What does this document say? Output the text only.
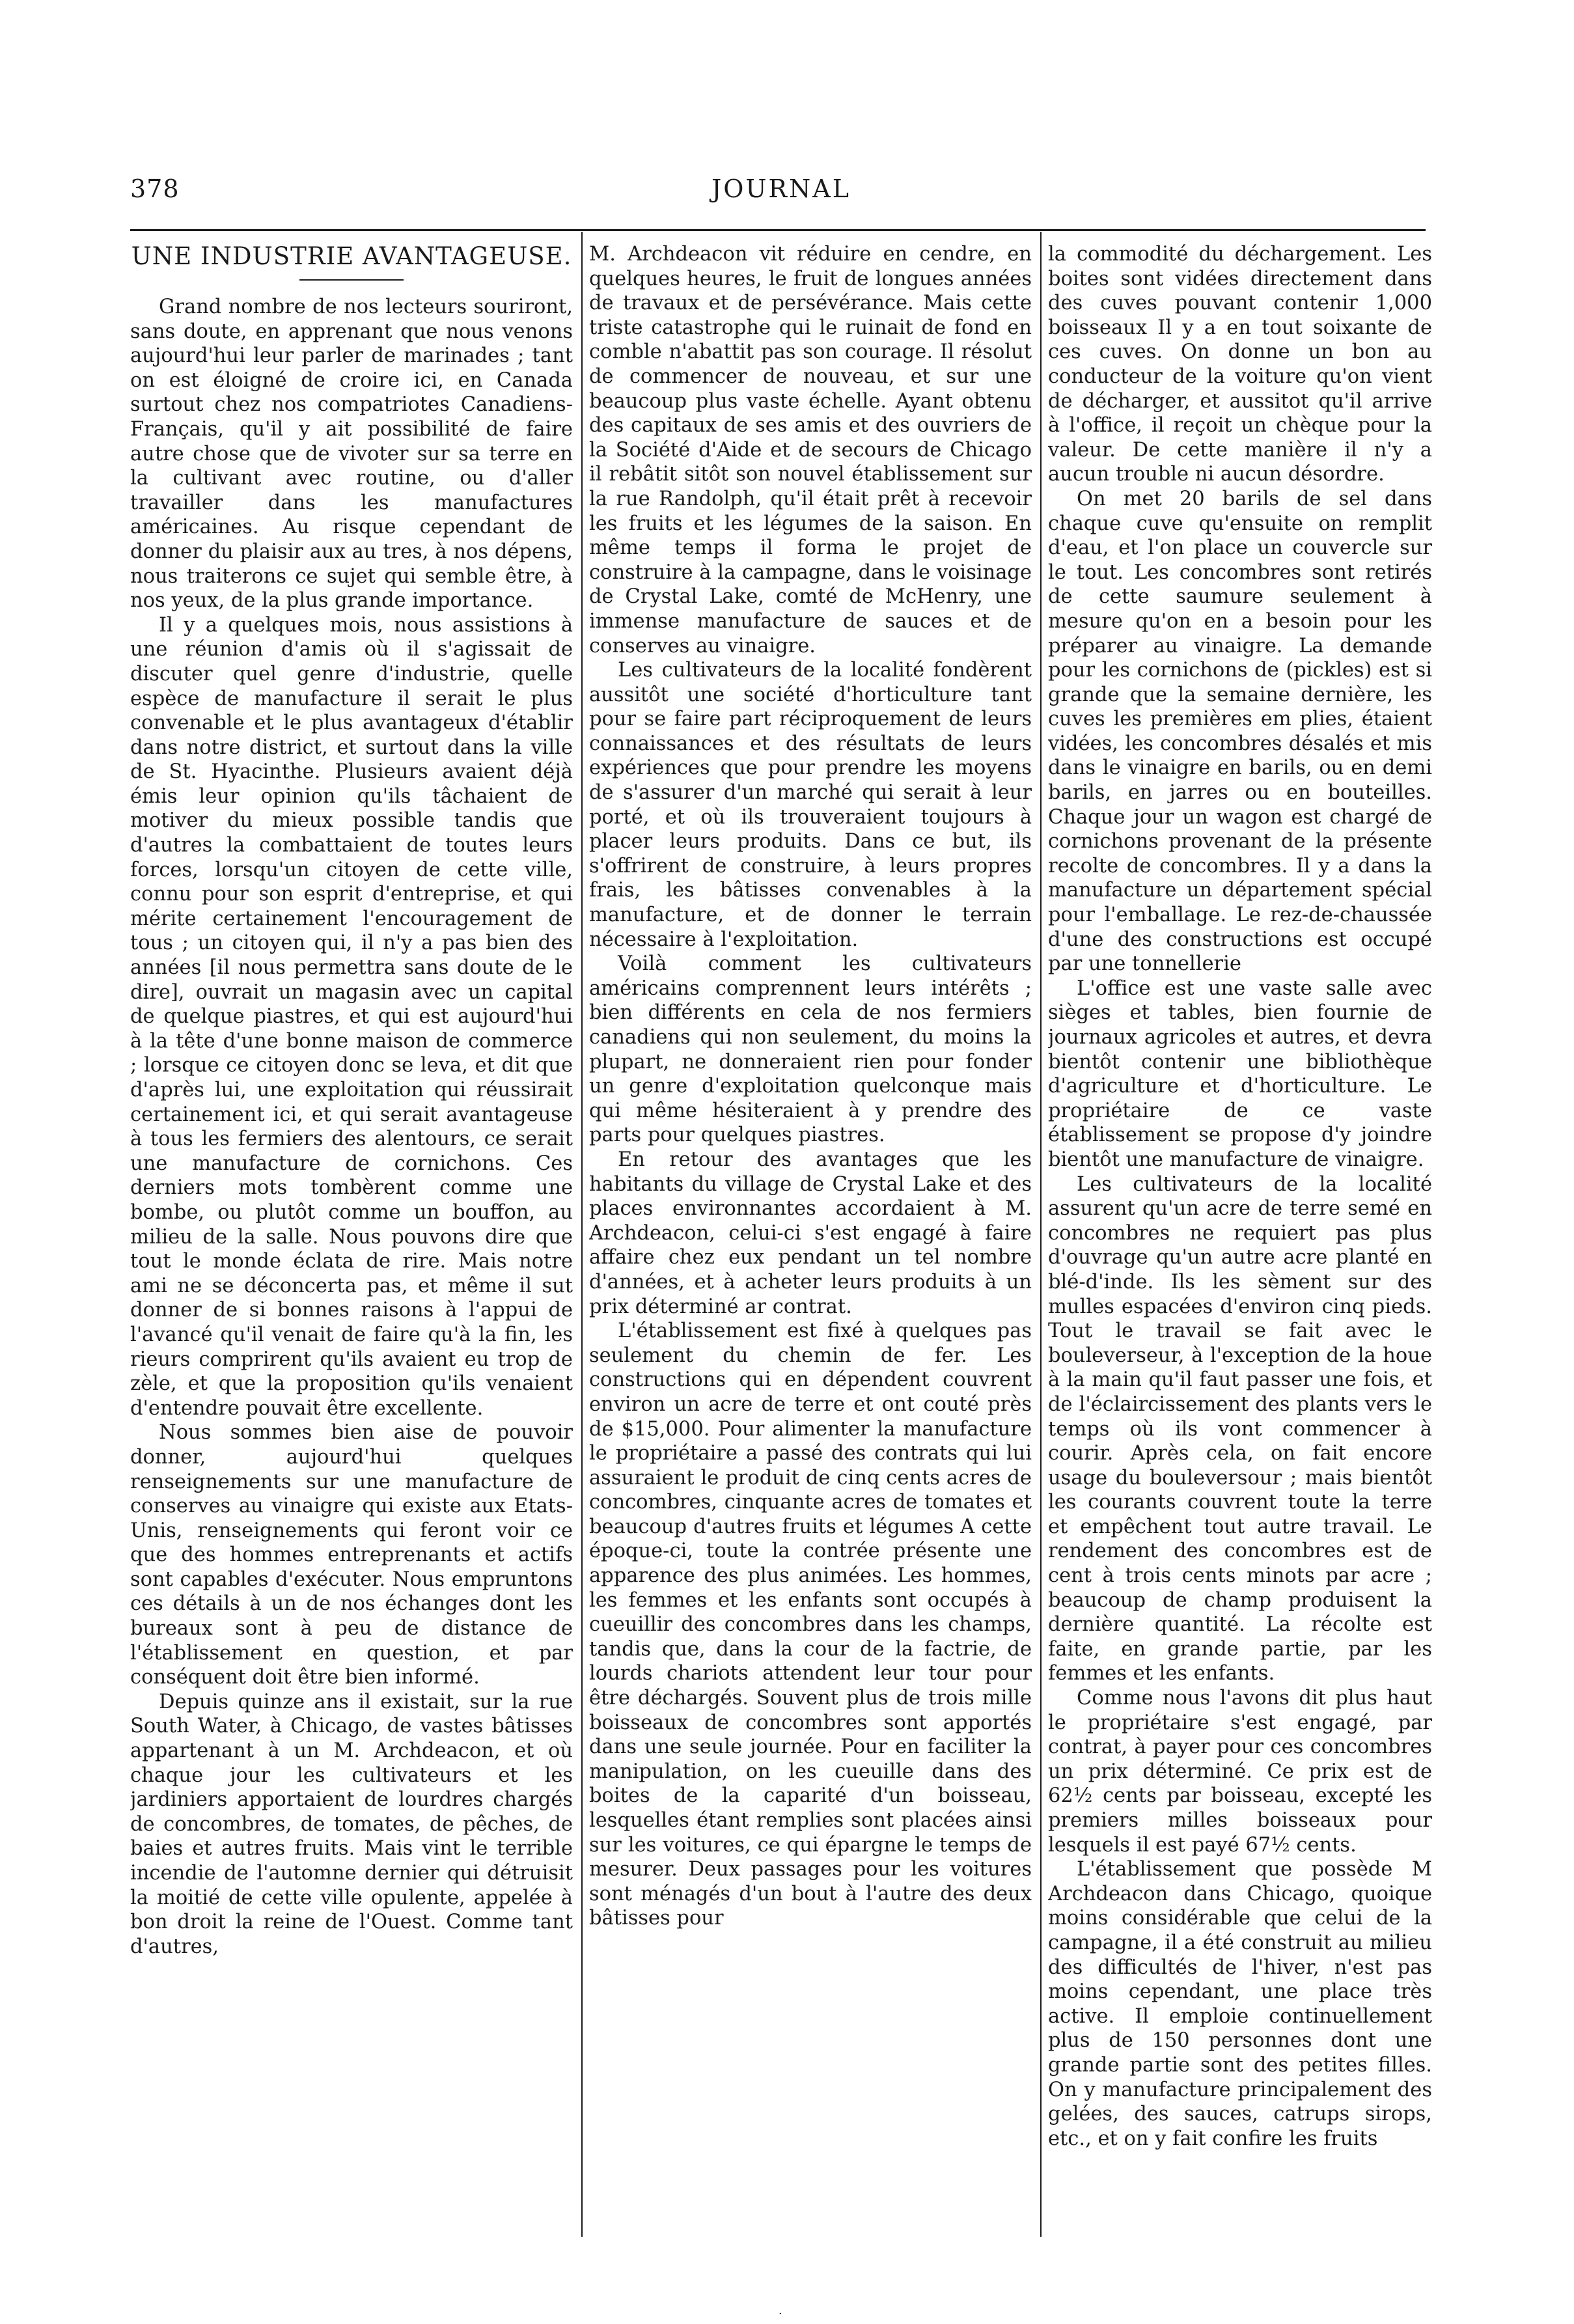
378	JOURNAL
UNE INDUSTRIE AVANTAGEUSE.

Grand nombre de nos lecteurs souriront, sans doute, en apprenant que nous venons aujourd'hui leur parler de marinades ; tant on est éloigné de croire ici, en Canada surtout chez nos compatriotes Canadiens-Français, qu'il y ait possibilité de faire autre chose que de vivoter sur sa terre en la cultivant avec routine, ou d'aller travailler dans les manufactures américaines. Au risque cependant de donner du plaisir aux au tres, à nos dépens, nous traiterons ce sujet qui semble être, à nos yeux, de la plus grande importance.

Il y a quelques mois, nous assistions à une réunion d'amis où il s'agissait de discuter quel genre d'industrie, quelle espèce de manufacture il serait le plus convenable et le plus avantageux d'établir dans notre district, et surtout dans la ville de St. Hyacinthe. Plusieurs avaient déjà émis leur opinion qu'ils tâchaient de motiver du mieux possible tandis que d'autres la combattaient de toutes leurs forces, lorsqu'un citoyen de cette ville, connu pour son esprit d'entreprise, et qui mérite certainement l'encouragement de tous ; un citoyen qui, il n'y a pas bien des années [il nous permettra sans doute de le dire], ouvrait un magasin avec un capital de quelque piastres, et qui est aujourd'hui à la tête d'une bonne maison de commerce ; lorsque ce citoyen donc se leva, et dit que d'après lui, une exploitation qui réussirait certainement ici, et qui serait avantageuse à tous les fermiers des alentours, ce serait une manufacture de cornichons. Ces derniers mots tombèrent comme une bombe, ou plutôt comme un bouffon, au milieu de la salle. Nous pouvons dire que tout le monde éclata de rire. Mais notre ami ne se déconcerta pas, et même il sut donner de si bonnes raisons à l'appui de l'avancé qu'il venait de faire qu'à la fin, les rieurs comprirent qu'ils avaient eu trop de zèle, et que la proposition qu'ils venaient d'entendre pouvait être excellente.

Nous sommes bien aise de pouvoir donner, aujourd'hui quelques renseignements sur une manufacture de conserves au vinaigre qui existe aux Etats-Unis, renseignements qui feront voir ce que des hommes entreprenants et actifs sont capables d'exécuter. Nous empruntons ces détails à un de nos échanges dont les bureaux sont à peu de distance de l'établissement en question, et par conséquent doit être bien informé.

Depuis quinze ans il existait, sur la rue South Water, à Chicago, de vastes bâtisses appartenant à un M. Archdeacon, et où chaque jour les cultivateurs et les jardiniers apportaient de lourdres chargés de concombres, de tomates, de pêches, de baies et autres fruits. Mais vint le terrible incendie de l'automne dernier qui détruisit la moitié de cette ville opulente, appelée à bon droit la reine de l'Ouest. Comme tant d'autres,

M. Archdeacon vit réduire en cendre, en quelques heures, le fruit de longues années de travaux et de persévérance. Mais cette triste catastrophe qui le ruinait de fond en comble n'abattit pas son courage. Il résolut de commencer de nouveau, et sur une beaucoup plus vaste échelle. Ayant obtenu des capitaux de ses amis et des ouvriers de la Société d'Aide et de secours de Chicago il rebâtit sitôt son nouvel établissement sur la rue Randolph, qu'il était prêt à recevoir les fruits et les légumes de la saison. En même temps il forma le projet de construire à la campagne, dans le voisinage de Crystal Lake, comté de McHenry, une immense manufacture de sauces et de conserves au vinaigre.

Les cultivateurs de la localité fondèrent aussitôt une société d'horticulture tant pour se faire part réciproquement de leurs connaissances et des résultats de leurs expériences que pour prendre les moyens de s'assurer d'un marché qui serait à leur porté, et où ils trouveraient toujours à placer leurs produits. Dans ce but, ils s'offrirent de construire, à leurs propres frais, les bâtisses convenables à la manufacture, et de donner le terrain nécessaire à l'exploitation.

Voilà comment les cultivateurs américains comprennent leurs intérêts ; bien différents en cela de nos fermiers canadiens qui non seulement, du moins la plupart, ne donneraient rien pour fonder un genre d'exploitation quelconque mais qui même hésiteraient à y prendre des parts pour quelques piastres.

En retour des avantages que les habitants du village de Crystal Lake et des places environnantes accordaient à M. Archdeacon, celui-ci s'est engagé à faire affaire chez eux pendant un tel nombre d'années, et à acheter leurs produits à un prix déterminé ar contrat.

L'établissement est fixé à quelques pas seulement du chemin de fer. Les constructions qui en dépendent couvrent environ un acre de terre et ont couté près de $15,000. Pour alimenter la manufacture le propriétaire a passé des contrats qui lui assuraient le produit de cinq cents acres de concombres, cinquante acres de tomates et beaucoup d'autres fruits et légumes A cette époque-ci, toute la contrée présente une apparence des plus animées. Les hommes, les femmes et les enfants sont occupés à cueuillir des concombres dans les champs, tandis que, dans la cour de la factrie, de lourds chariots attendent leur tour pour être déchargés. Souvent plus de trois mille boisseaux de concombres sont apportés dans une seule journée. Pour en faciliter la manipulation, on les cueuille dans des boites de la caparité d'un boisseau, lesquelles étant remplies sont placées ainsi sur les voitures, ce qui épargne le temps de mesurer. Deux passages pour les voitures sont ménagés d'un bout à l'autre des deux bâtisses pour

la commodité du déchargement. Les boites sont vidées directement dans des cuves pouvant contenir 1,000 boisseaux Il y a en tout soixante de ces cuves. On donne un bon au conducteur de la voiture qu'on vient de décharger, et aussitot qu'il arrive à l'office, il reçoit un chèque pour la valeur. De cette manière il n'y a aucun trouble ni aucun désordre.

On met 20 barils de sel dans chaque cuve qu'ensuite on remplit d'eau, et l'on place un couvercle sur le tout. Les concombres sont retirés de cette saumure seulement à mesure qu'on en a besoin pour les préparer au vinaigre. La demande pour les cornichons de (pickles) est si grande que la semaine dernière, les cuves les premières em plies, étaient vidées, les concombres désalés et mis dans le vinaigre en barils, ou en demi barils, en jarres ou en bouteilles. Chaque jour un wagon est chargé de cornichons provenant de la présente recolte de concombres. Il y a dans la manufacture un département spécial pour l'emballage. Le rez-de-chaussée d'une des constructions est occupé par une tonnellerie

L'office est une vaste salle avec sièges et tables, bien fournie de journaux agricoles et autres, et devra bientôt contenir une bibliothèque d'agriculture et d'horticulture. Le propriétaire de ce vaste établissement se propose d'y joindre bientôt une manufacture de vinaigre.

Les cultivateurs de la localité assurent qu'un acre de terre semé en concombres ne requiert pas plus d'ouvrage qu'un autre acre planté en blé-d'inde. Ils les sèment sur des mulles espacées d'environ cinq pieds. Tout le travail se fait avec le bouleverseur, à l'exception de la houe à la main qu'il faut passer une fois, et de l'éclaircissement des plants vers le temps où ils vont commencer à courir. Après cela, on fait encore usage du bouleversour ; mais bientôt les courants couvrent toute la terre et empêchent tout autre travail. Le rendement des concombres est de cent à trois cents minots par acre ; beaucoup de champ produisent la dernière quantité. La récolte est faite, en grande partie, par les femmes et les enfants.

Comme nous l'avons dit plus haut le propriétaire s'est engagé, par contrat, à payer pour ces concombres un prix déterminé. Ce prix est de 62½ cents par boisseau, excepté les premiers milles boisseaux pour lesquels il est payé 67½ cents.

L'établissement que possède M Archdeacon dans Chicago, quoique moins considérable que celui de la campagne, il a été construit au milieu des difficultés de l'hiver, n'est pas moins cependant, une place très active. Il emploie continuellement plus de 150 personnes dont une grande partie sont des petites filles. On y manufacture principalement des gelées, des sauces, catrups sirops, etc., et on y fait confire les fruits

·
